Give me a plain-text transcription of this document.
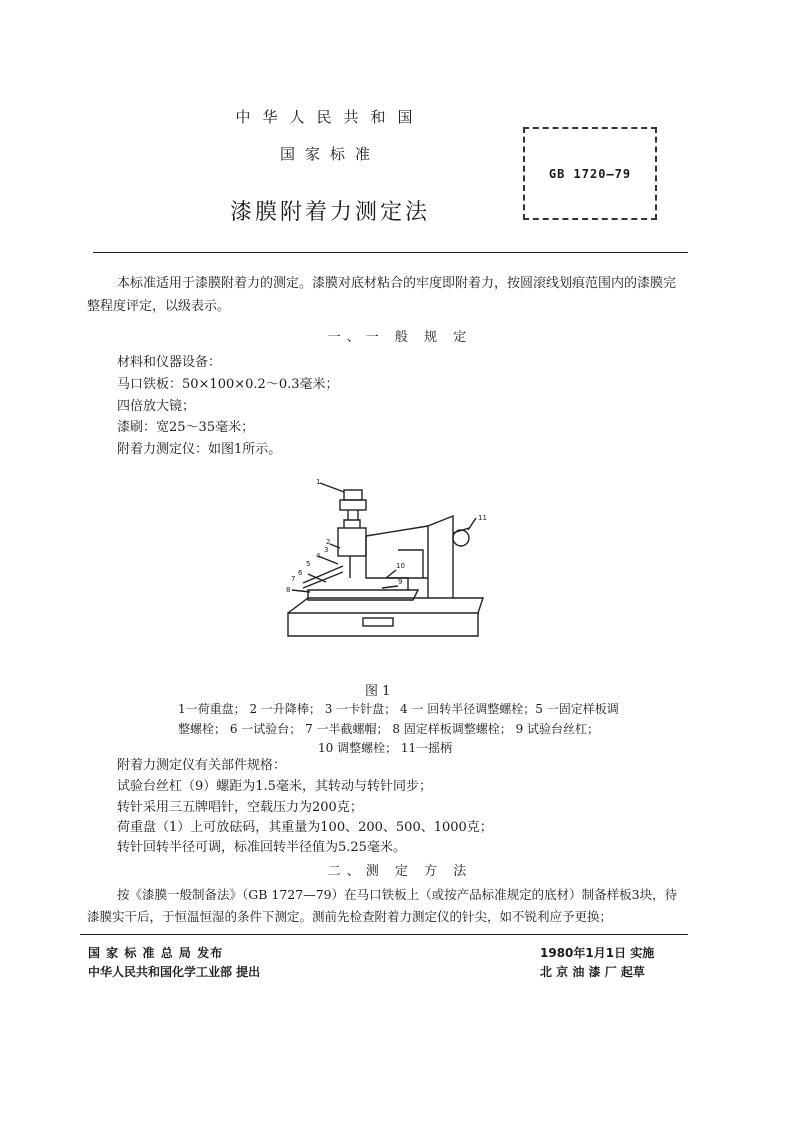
中华人民共和国
国家标准
漆膜附着力测定法
GB 1720—79
本标准适用于漆膜附着力的测定。漆膜对底材粘合的牢度即附着力，按圆滚线划痕范围内的漆膜完整程度评定，以级表示。
一、一 般 规 定
材料和仪器设备：
马口铁板：50×100×0.2～0.3毫米；
四倍放大镜；
漆刷：宽25～35毫米；
附着力测定仪：如图1所示。
1
2
3
4
5
6
7
8
9
10
11
图 1
1一荷重盘； 2 一升降棒； 3 一卡针盘； 4 一 回转半径调整螺栓；5 一固定样板调
整螺栓； 6 一试验台； 7 一半截螺帽； 8 固定样板调整螺栓； 9 试验台丝杠；
10 调整螺栓； 11一摇柄
附着力测定仪有关部件规格：
试验台丝杠（9）螺距为1.5毫米，其转动与转针同步；
转针采用三五牌唱针，空载压力为200克；
荷重盘（1）上可放砝码，其重量为100、200、500、1000克；
转针回转半径可调，标准回转半径值为5.25毫米。
二、测 定 方 法
按《漆膜一般制备法》（GB 1727—79）在马口铁板上（或按产品标准规定的底材）制备样板3块，待漆膜实干后，于恒温恒湿的条件下测定。测前先检查附着力测定仪的针尖，如不锐利应予更换；
国 家 标 准 总 局 发布
中华人民共和国化学工业部 提出
1980年1月1日 实施
北 京 油 漆 厂 起草
